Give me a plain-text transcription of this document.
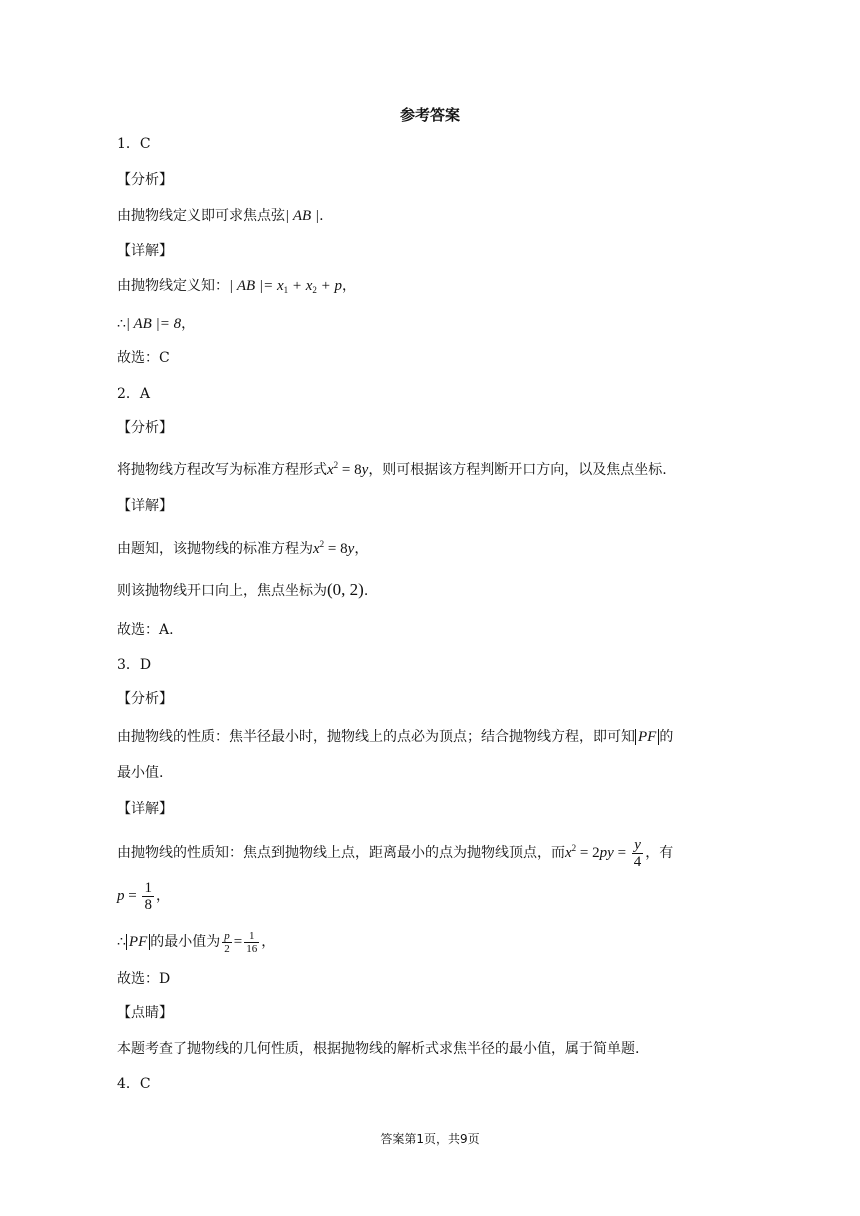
参考答案
1．C
【分析】
由抛物线定义即可求焦点弦| AB |.
【详解】
由抛物线定义知：| AB |= $x_1 + x_2 + p$，
∴| AB |= 8，
故选：C
2．A
【分析】
将抛物线方程改写为标准方程形式$x^2 = 8y$，则可根据该方程判断开口方向，以及焦点坐标.
【详解】
由题知，该抛物线的标准方程为$x^2 = 8y$，
则该抛物线开口向上，焦点坐标为(0, 2).
故选：A.
3．D
【分析】
由抛物线的性质：焦半径最小时，抛物线上的点必为顶点；结合抛物线方程，即可知 PF 的
最小值.
【详解】
由抛物线的性质知：焦点到抛物线上点，距离最小的点为抛物线顶点，而$x^2 = 2py = \frac{y}{4}$ ，有
$p = \frac{1}{8}$ ，
∴ PF 的最小值为 $\frac{p}{2} = \frac{1}{16}$ ，
故选：D
【点睛】
本题考查了抛物线的几何性质，根据抛物线的解析式求焦半径的最小值，属于简单题.
4．C
答案第1页，共9页
